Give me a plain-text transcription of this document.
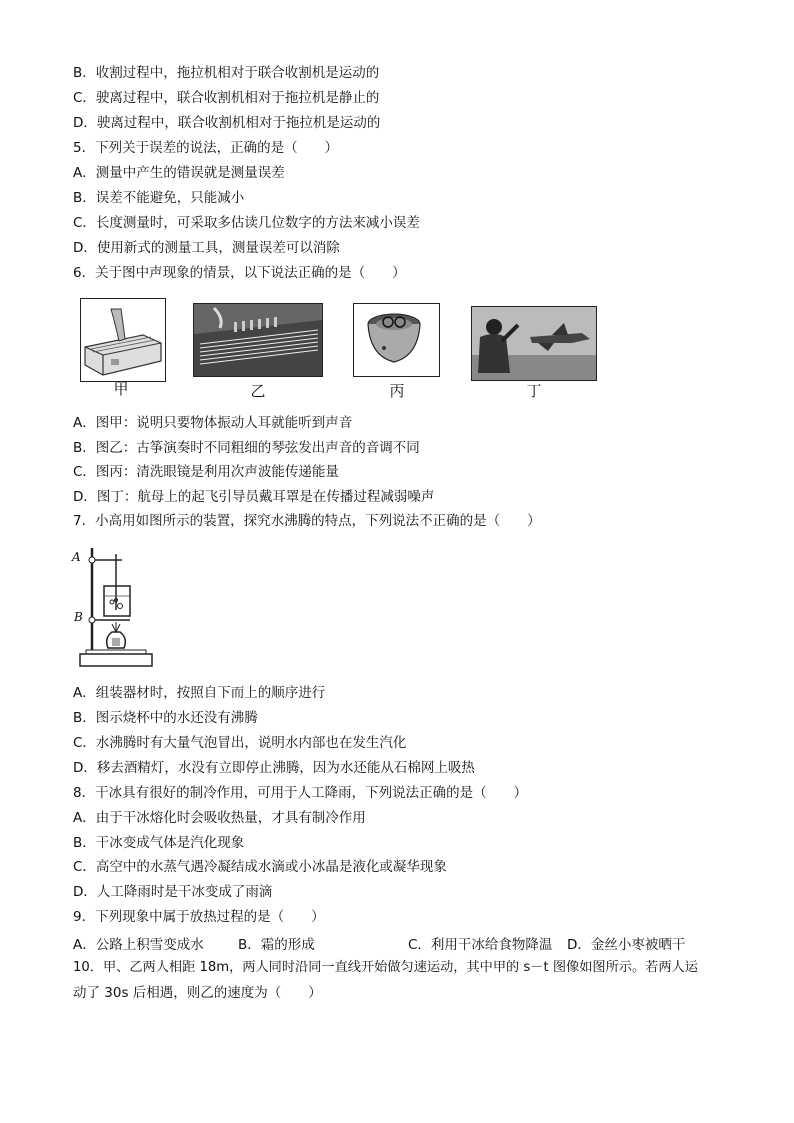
B．收割过程中，拖拉机相对于联合收割机是运动的
C．驶离过程中，联合收割机相对于拖拉机是静止的
D．驶离过程中，联合收割机相对于拖拉机是运动的
5．下列关于误差的说法，正确的是（　　）
A．测量中产生的错误就是测量误差
B．误差不能避免，只能减小
C．长度测量时，可采取多估读几位数字的方法来减小误差
D．使用新式的测量工具，测量误差可以消除
6．关于图中声现象的情景，以下说法正确的是（　　）
甲	乙	丙	丁
A．图甲：说明只要物体振动人耳就能听到声音
B．图乙：古筝演奏时不同粗细的琴弦发出声音的音调不同
C．图丙：清洗眼镜是利用次声波能传递能量
D．图丁：航母上的起飞引导员戴耳罩是在传播过程减弱噪声
7．小高用如图所示的装置，探究水沸腾的特点，下列说法不正确的是（　　）
A
B
A．组装器材时，按照自下而上的顺序进行
B．图示烧杯中的水还没有沸腾
C．水沸腾时有大量气泡冒出，说明水内部也在发生汽化
D．移去酒精灯，水没有立即停止沸腾，因为水还能从石棉网上吸热
8．干冰具有很好的制冷作用，可用于人工降雨，下列说法正确的是（　　）
A．由于干冰熔化时会吸收热量，才具有制冷作用
B．干冰变成气体是汽化现象
C．高空中的水蒸气遇冷凝结成水滴或小冰晶是液化或凝华现象
D．人工降雨时是干冰变成了雨滴
9．下列现象中属于放热过程的是（　　）
A．公路上积雪变成水	B．霜的形成	C．利用干冰给食物降温 D．金丝小枣被晒干
10．甲、乙两人相距 18m，两人同时沿同一直线开始做匀速运动，其中甲的 s－t 图像如图所示。若两人运
动了 30s 后相遇，则乙的速度为（　　）
